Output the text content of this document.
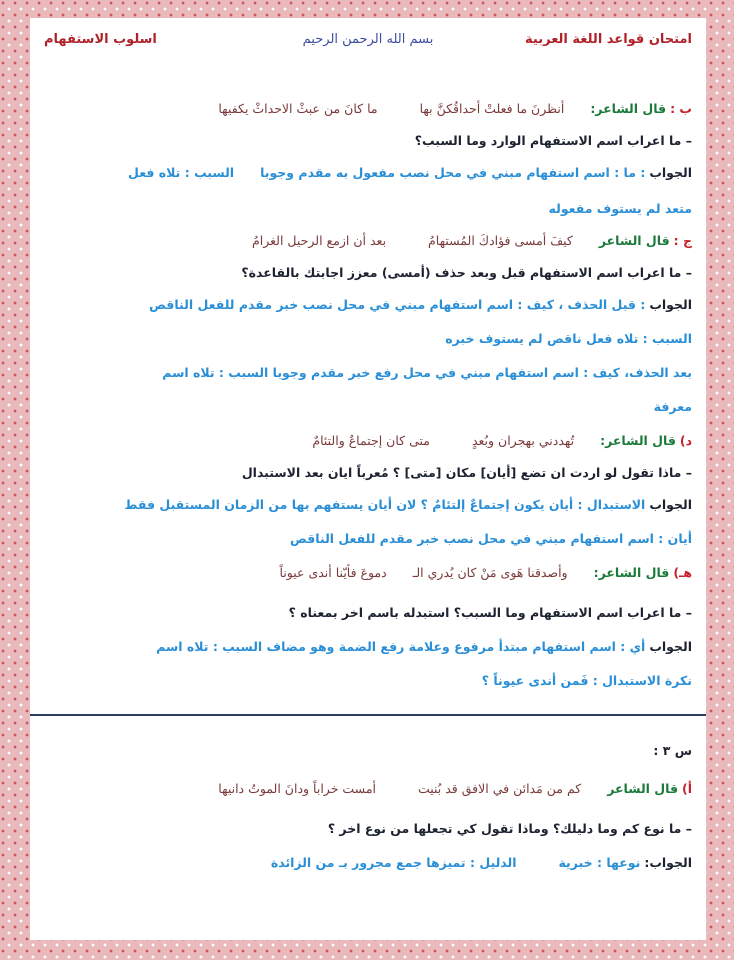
امتحان قواعد اللغة العربية
بسم الله الرحمن الرحيم
اسلوب الاستفهام
ب : قال الشاعر:  أنظرنَ ما فعلتْ أحداقُكنَّ بها  ما كانَ من عبثْ الاحداثْ يكفيها
– ما اعراب اسم الاستفهام الوارد وما السبب؟
الجواب : ما : اسم استفهام مبني في محل نصب مفعول به مقدم وجوبا  السبب : تلاه فعل
متعد لم يستوف مفعوله
ج : قال الشاعر  كيفَ أمسى فؤادكَ المُستهامُ  بعد أن ازمع الرحيل الغرامُ
– ما اعراب اسم الاستفهام قبل وبعد حذف (أمسى) معزز اجابتك بالقاعدة؟
الجواب : قبل الحذف ، كيف : اسم استفهام مبني في محل نصب خبر مقدم للفعل الناقص
السبب : تلاه فعل ناقص لم يستوف خبره
بعد الحذف، كيف : اسم استفهام مبني في محل رفع خبر مقدم وجوبا السبب : تلاه اسم
معرفة
د) قال الشاعر:  تُهددني بهجران وبُعدٍ  متى كان إجتماعٌ والتئامٌ
– ماذا تقول لو اردت ان تضع [أيان] مكان [متى] ؟ مُعرباً ايان بعد الاستبدال
الجواب الاستبدال : أيان يكون إجتماعٌ إلتئامٌ ؟ لان أيان يستفهم بها من الزمان المستقبل فقط
أيان : اسم استفهام مبني في محل نصب خبر مقدم للفعل الناقص
هـ) قال الشاعر:  وأصدقنا هَوى مَنْ كان يُدري الـ  دموعَ فأيّنا أندى عيوناً
– ما اعراب اسم الاستفهام وما السبب؟ استبدله باسم اخر بمعناه ؟
الجواب أي : اسم استفهام مبتدأ مرفوع وعلامة رفع الضمة وهو مضاف السبب : تلاه اسم
نكرة الاستبدال : فَمن أندى عيوناً ؟
س ٣ :
أ) قال الشاعر  كم من مَدائن في الافق قد بُنيت  أمست خراباً ودانَ الموتُ دانيها
– ما نوع كم وما دليلك؟ وماذا تقول كي تجعلها من نوع اخر ؟
الجواب: نوعها : خبرية  الدليل : تميزها جمع مجرور بـ من الزائدة
